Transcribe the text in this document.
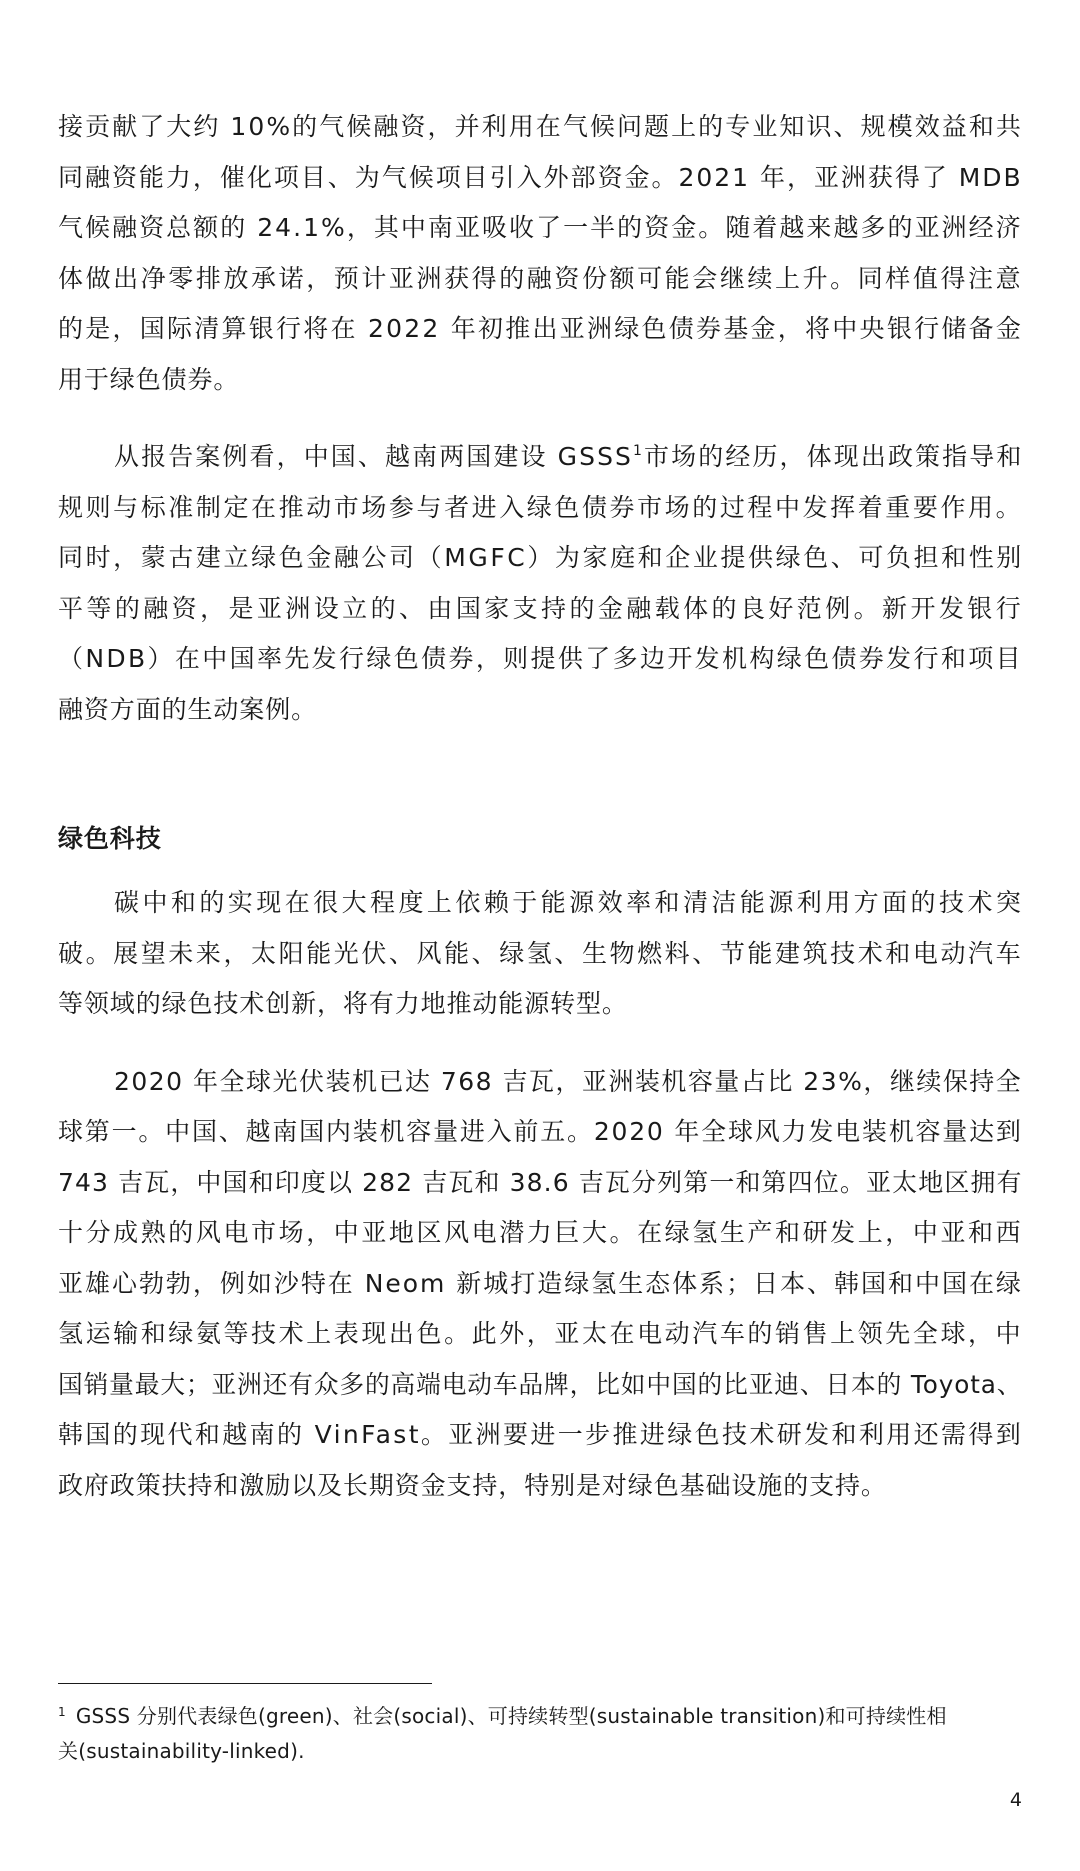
接贡献了大约 10%的气候融资，并利用在气候问题上的专业知识、规模效益和共
同融资能力，催化项目、为气候项目引入外部资金。2021 年，亚洲获得了 MDB
气候融资总额的 24.1%，其中南亚吸收了一半的资金。随着越来越多的亚洲经济
体做出净零排放承诺，预计亚洲获得的融资份额可能会继续上升。同样值得注意
的是，国际清算银行将在 2022 年初推出亚洲绿色债券基金，将中央银行储备金
用于绿色债券。

从报告案例看，中国、越南两国建设 GSSS$^1$市场的经历，体现出政策指导和
规则与标准制定在推动市场参与者进入绿色债券市场的过程中发挥着重要作用。
同时，蒙古建立绿色金融公司（MGFC）为家庭和企业提供绿色、可负担和性别
平等的融资，是亚洲设立的、由国家支持的金融载体的良好范例。新开发银行
（NDB）在中国率先发行绿色债券，则提供了多边开发机构绿色债券发行和项目
融资方面的生动案例。

绿色科技

碳中和的实现在很大程度上依赖于能源效率和清洁能源利用方面的技术突
破。展望未来，太阳能光伏、风能、绿氢、生物燃料、节能建筑技术和电动汽车
等领域的绿色技术创新，将有力地推动能源转型。

2020 年全球光伏装机已达 768 吉瓦，亚洲装机容量占比 23%，继续保持全
球第一。中国、越南国内装机容量进入前五。2020 年全球风力发电装机容量达到
743 吉瓦，中国和印度以 282 吉瓦和 38.6 吉瓦分列第一和第四位。亚太地区拥有
十分成熟的风电市场，中亚地区风电潜力巨大。在绿氢生产和研发上，中亚和西
亚雄心勃勃，例如沙特在 Neom 新城打造绿氢生态体系；日本、韩国和中国在绿
氢运输和绿氨等技术上表现出色。此外，亚太在电动汽车的销售上领先全球，中
国销量最大；亚洲还有众多的高端电动车品牌，比如中国的比亚迪、日本的 Toyota、
韩国的现代和越南的 VinFast。亚洲要进一步推进绿色技术研发和利用还需得到
政府政策扶持和激励以及长期资金支持，特别是对绿色基础设施的支持。

$^1$ GSSS 分别代表绿色(green)、社会(social)、可持续转型(sustainable transition)和可持续性相
关(sustainability-linked).

4
